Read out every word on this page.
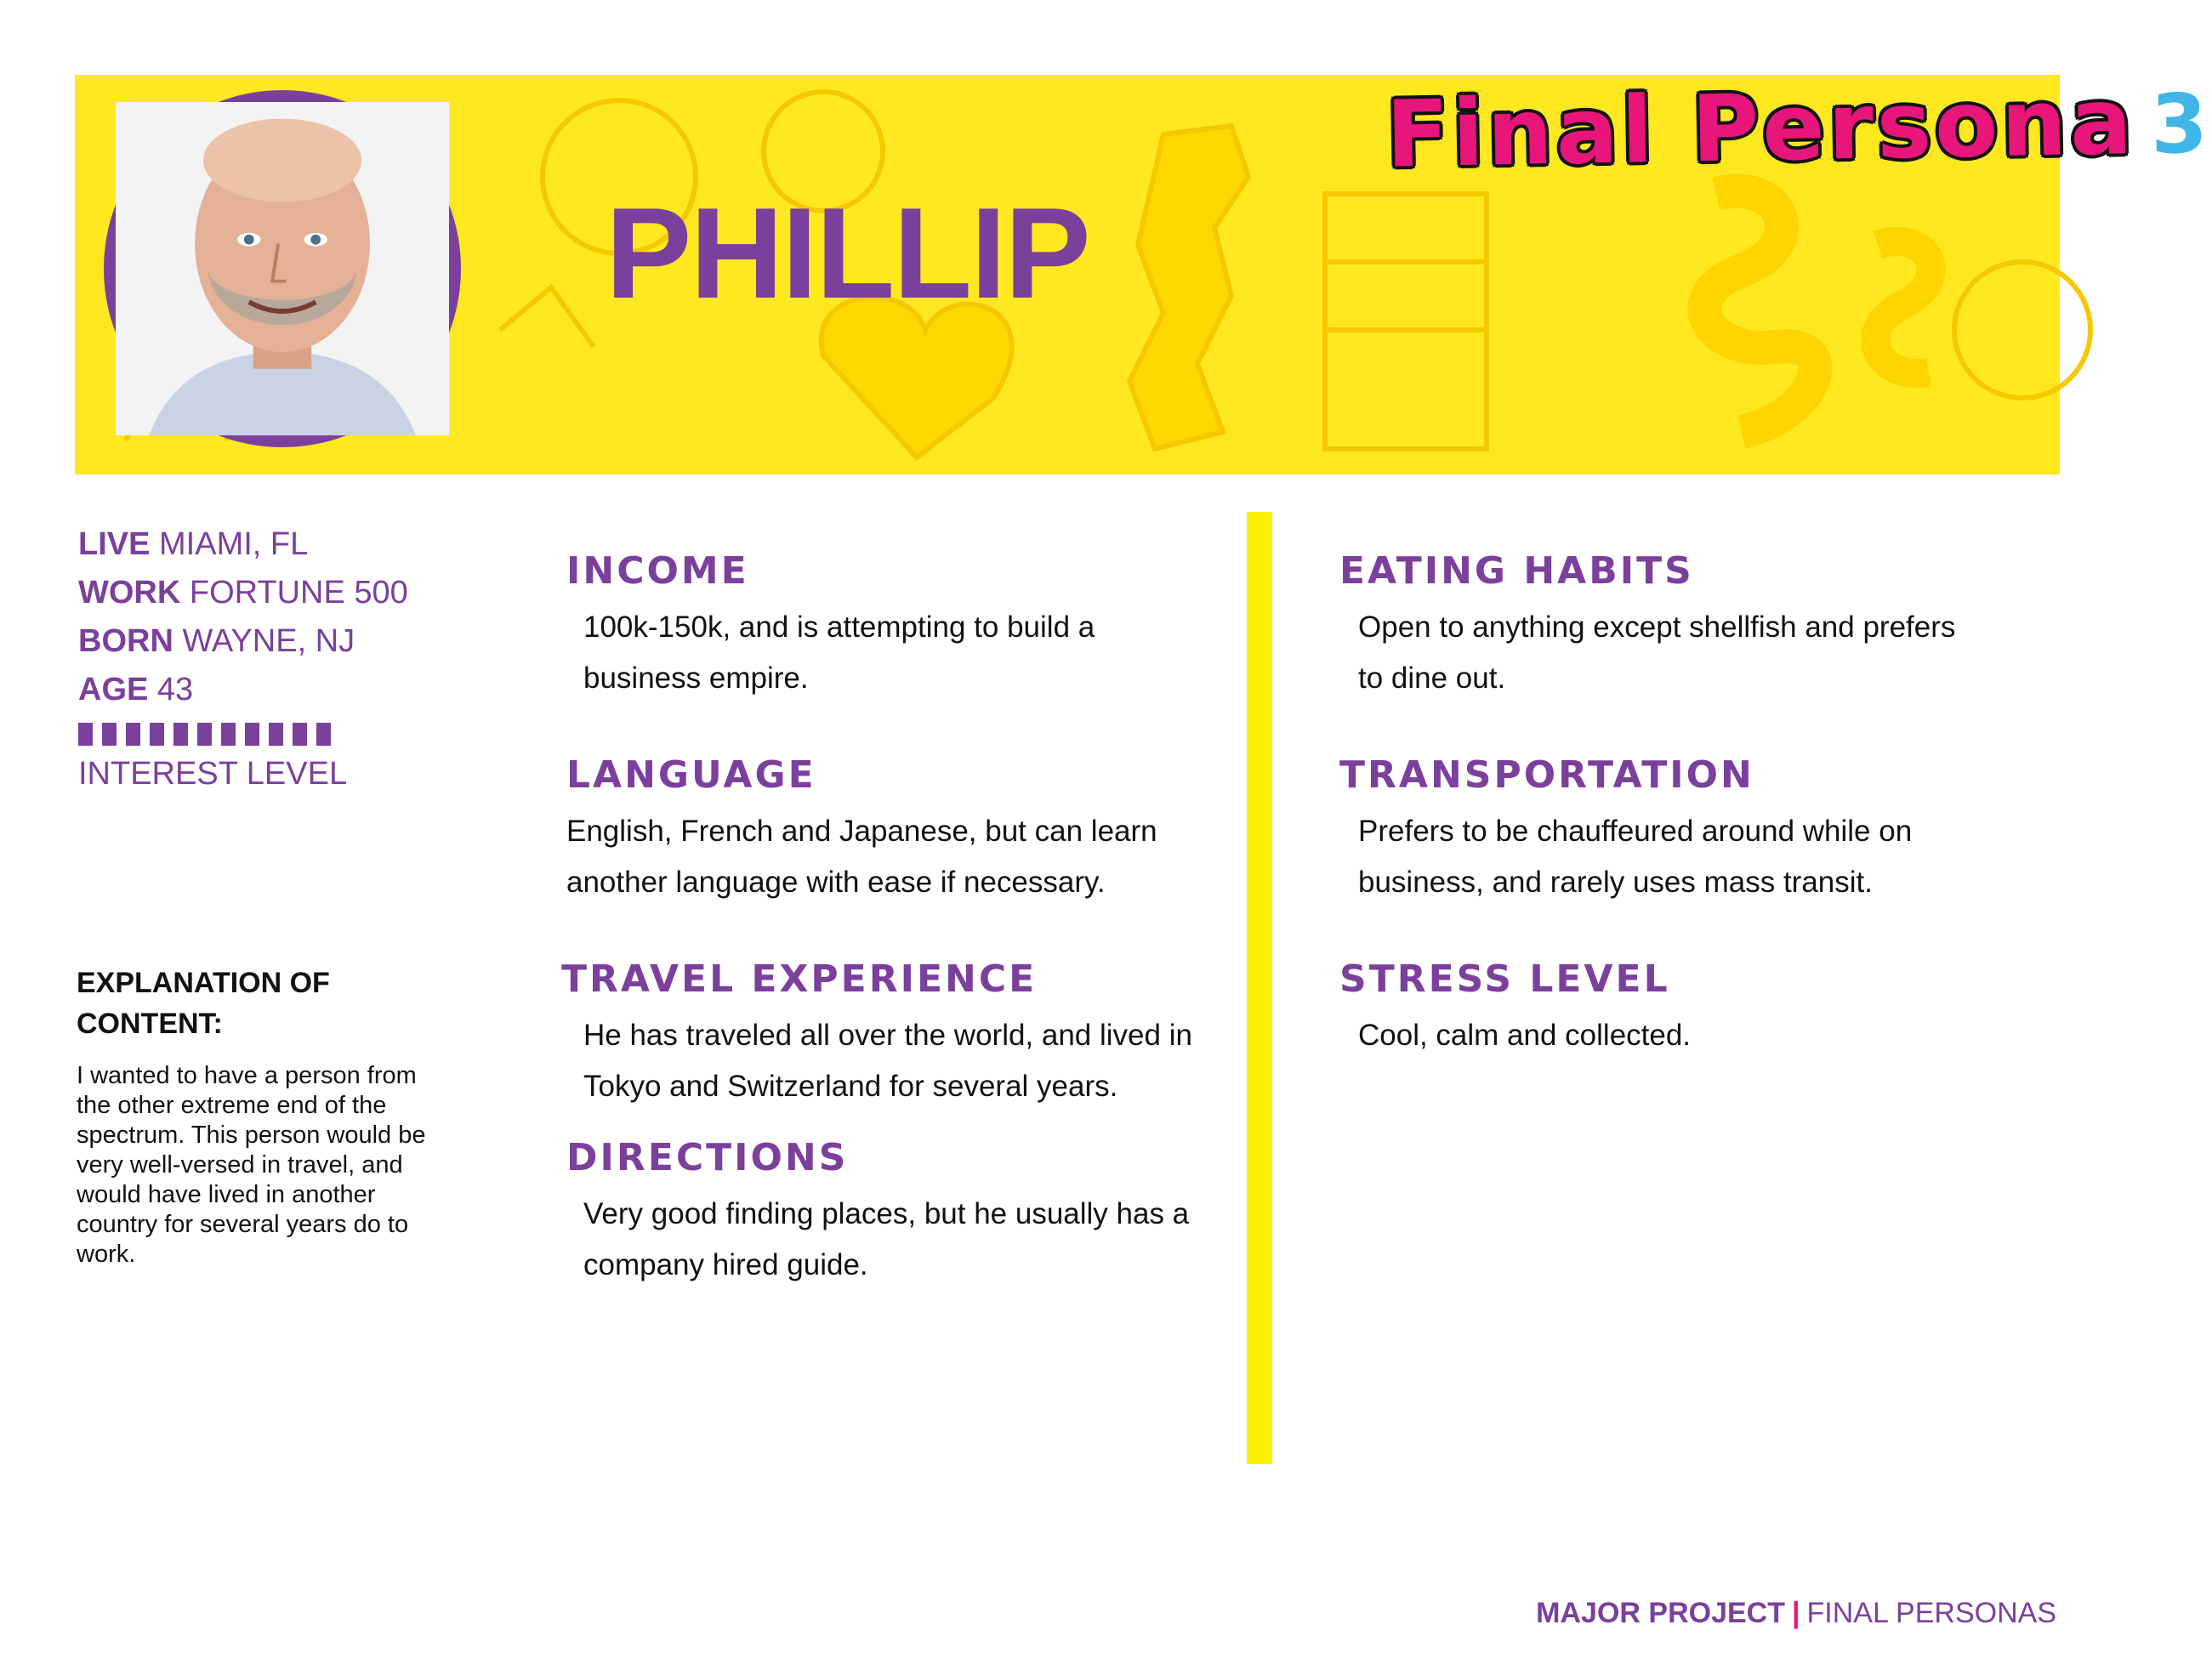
PHILLIP
Final Persona 3
LIVE MIAMI, FL
WORK FORTUNE 500
BORN WAYNE, NJ
AGE 43
INTEREST LEVEL
EXPLANATION OF
CONTENT:
I wanted to have a person from the other extreme end of the spectrum. This person would be very well-versed in travel, and would have lived in another country for several years do to work.
INCOME

100k-150k, and is attempting to build a business empire.

LANGUAGE

English, French and Japanese, but can learn another language with ease if necessary.

TRAVEL EXPERIENCE

He has traveled all over the world, and lived in Tokyo and Switzerland for several years.

DIRECTIONS

Very good finding places, but he usually has a company hired guide.

EATING HABITS

Open to anything except shellfish and prefers to dine out.

TRANSPORTATION

Prefers to be chauffeured around while on business, and rarely uses mass transit.

STRESS LEVEL

Cool, calm and collected.

MAJOR PROJECT | FINAL PERSONAS
